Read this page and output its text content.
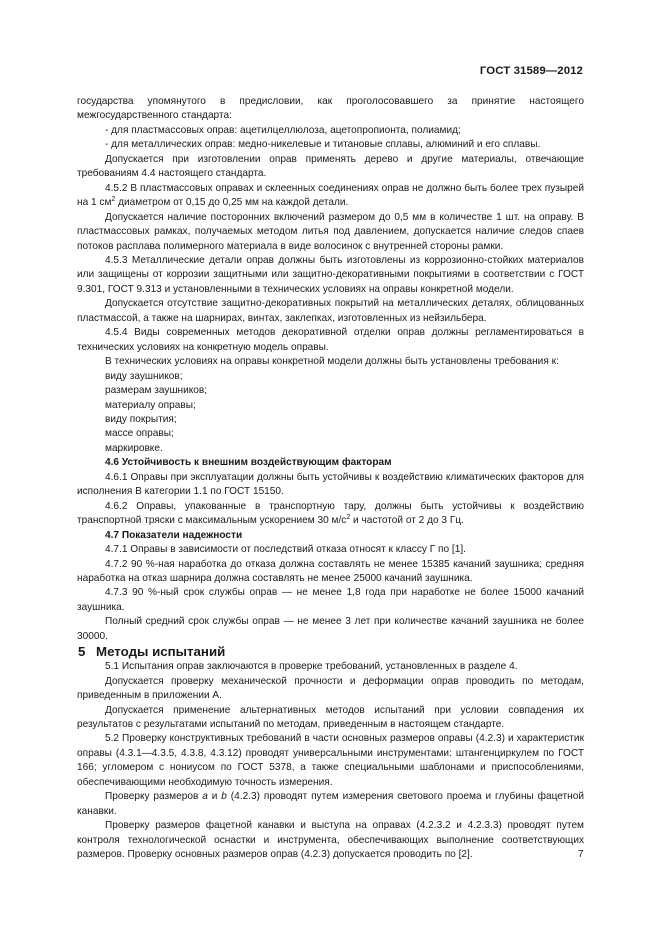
ГОСТ 31589—2012

государства упомянутого в предисловии, как проголосовавшего за принятие настоящего межгосударственного стандарта:

- для пластмассовых оправ: ацетилцеллюлоза, ацетопропионта, полиамид;

- для металлических оправ: медно-никелевые и титановые сплавы, алюминий и его сплавы.

Допускается при изготовлении оправ применять дерево и другие материалы, отвечающие требованиям 4.4 настоящего стандарта.

4.5.2 В пластмассовых оправах и склеенных соединениях оправ не должно быть более трех пузырей на 1 $см^2$ диаметром от 0,15 до 0,25 мм на каждой детали.

Допускается наличие посторонних включений размером до 0,5 мм в количестве 1 шт. на оправу. В пластмассовых рамках, получаемых методом литья под давлением, допускается наличие следов спаев потоков расплава полимерного материала в виде волосинок с внутренней стороны рамки.

4.5.3 Металлические детали оправ должны быть изготовлены из коррозионно-стойких материалов или защищены от коррозии защитными или защитно-декоративными покрытиями в соответствии с ГОСТ 9.301, ГОСТ 9.313 и установленными в технических условиях на оправы конкретной модели.

Допускается отсутствие защитно-декоративных покрытий на металлических деталях, облицованных пластмассой, а также на шарнирах, винтах, заклепках, изготовленных из нейзильбера.

4.5.4 Виды современных методов декоративной отделки оправ должны регламентироваться в технических условиях на конкретную модель оправы.

В технических условиях на оправы конкретной модели должны быть установлены требования к:

виду заушников;

размерам заушников;

материалу оправы;

виду покрытия;

массе оправы;

маркировке.

4.6 Устойчивость к внешним воздействующим факторам

4.6.1 Оправы при эксплуатации должны быть устойчивы к воздействию климатических факторов для исполнения В категории 1.1 по ГОСТ 15150.

4.6.2 Оправы, упакованные в транспортную тару, должны быть устойчивы к воздействию транспортной тряски с максимальным ускорением 30 $м/с^2$ и частотой от 2 до 3 Гц.

4.7 Показатели надежности

4.7.1 Оправы в зависимости от последствий отказа относят к классу Г по [1].

4.7.2 90 %-ная наработка до отказа должна составлять не менее 15385 качаний заушника; средняя наработка на отказ шарнира должна составлять не менее 25000 качаний заушника.

4.7.3 90 %-ный срок службы оправ — не менее 1,8 года при наработке не более 15000 качаний заушника.

Полный средний срок службы оправ — не менее 3 лет при количестве качаний заушника не более 30000.

5 Методы испытаний

5.1 Испытания оправ заключаются в проверке требований, установленных в разделе 4.

Допускается проверку механической прочности и деформации оправ проводить по методам, приведенным в приложении А.

Допускается применение альтернативных методов испытаний при условии совпадения их результатов с результатами испытаний по методам, приведенным в настоящем стандарте.

5.2 Проверку конструктивных требований в части основных размеров оправы (4.2.3) и характеристик оправы (4.3.1—4.3.5, 4.3.8, 4.3.12) проводят универсальными инструментами: штангенциркулем по ГОСТ 166; угломером с нониусом по ГОСТ 5378, а также специальными шаблонами и приспособлениями, обеспечивающими необходимую точность измерения.

Проверку размеров a и b (4.2.3) проводят путем измерения светового проема и глубины фацетной канавки.

Проверку размеров фацетной канавки и выступа на оправах (4.2.3.2 и 4.2.3.3) проводят путем контроля технологической оснастки и инструмента, обеспечивающих выполнение соответствующих размеров. Проверку основных размеров оправ (4.2.3) допускается проводить по [2].	7
